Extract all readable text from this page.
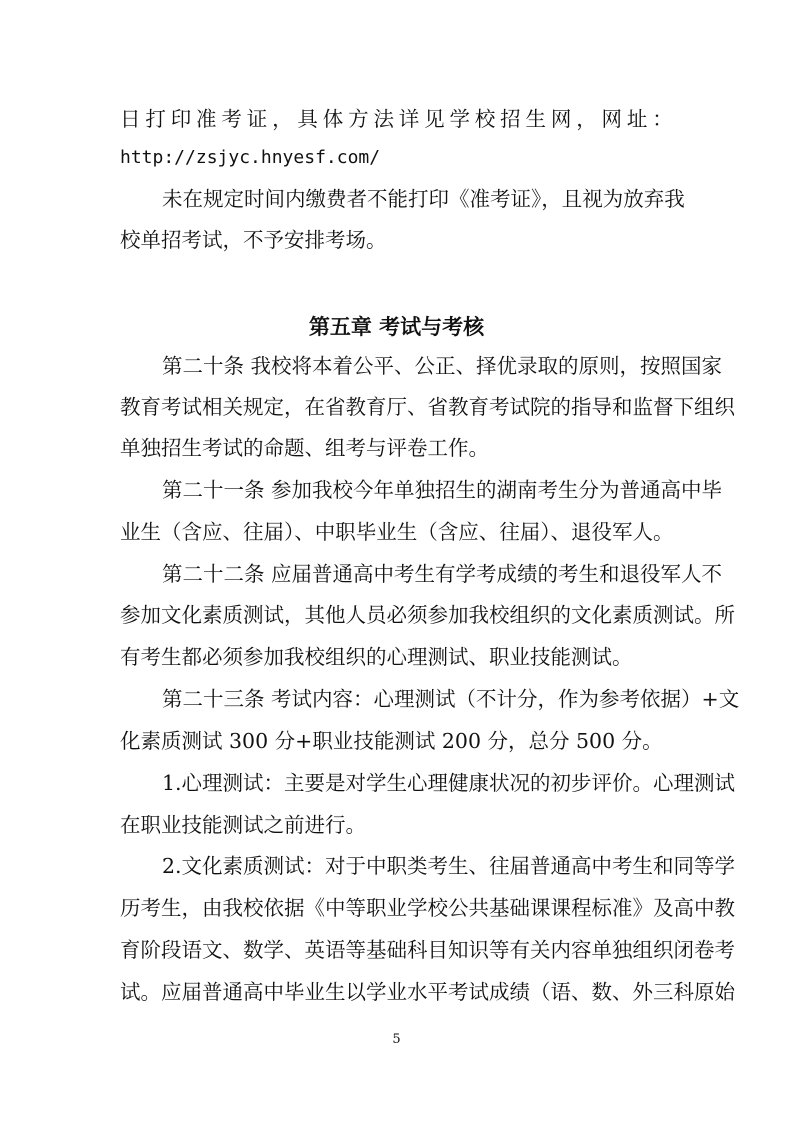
日 打 印 准 考 证 ， 具 体 方 法 详 见 学 校 招 生 网 ， 网 址 ：
http://zsjyc.hnyesf.com/
未在规定时间内缴费者不能打印《准考证》，且视为放弃我
校单招考试，不予安排考场。
第五章 考试与考核
第二十条 我校将本着公平、公正、择优录取的原则，按照国家
教育考试相关规定，在省教育厅、省教育考试院的指导和监督下组织
单独招生考试的命题、组考与评卷工作。
第二十一条 参加我校今年单独招生的湖南考生分为普通高中毕
业生（含应、往届）、中职毕业生（含应、往届）、退役军人。
第二十二条 应届普通高中考生有学考成绩的考生和退役军人不
参加文化素质测试，其他人员必须参加我校组织的文化素质测试。所
有考生都必须参加我校组织的心理测试、职业技能测试。
第二十三条 考试内容：心理测试（不计分，作为参考依据）+文
化素质测试 300 分+职业技能测试 200 分，总分 500 分。
1.心理测试：主要是对学生心理健康状况的初步评价。心理测试
在职业技能测试之前进行。
2.文化素质测试：对于中职类考生、往届普通高中考生和同等学
历考生，由我校依据《中等职业学校公共基础课课程标准》及高中教
育阶段语文、数学、英语等基础科目知识等有关内容单独组织闭卷考
试。应届普通高中毕业生以学业水平考试成绩（语、数、外三科原始
5
